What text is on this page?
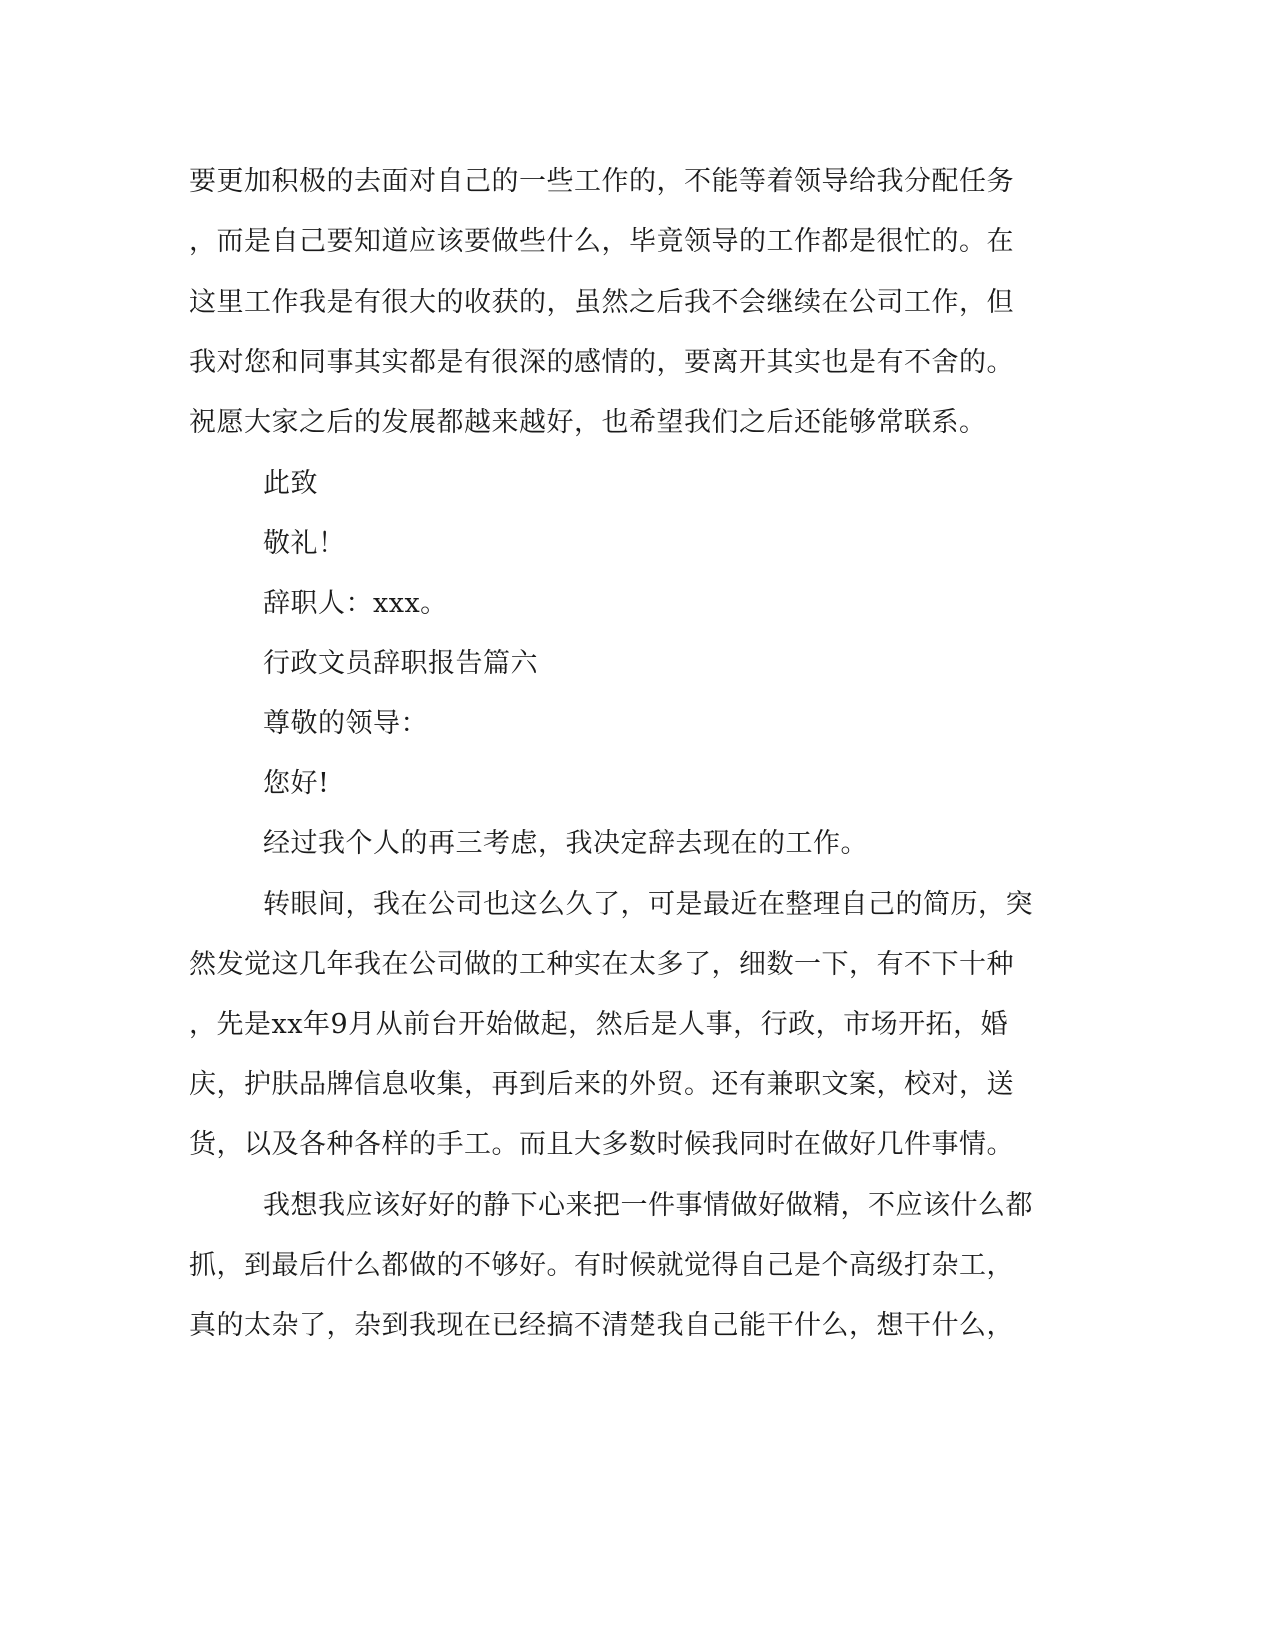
要更加积极的去面对自己的一些工作的，不能等着领导给我分配任务
，而是自己要知道应该要做些什么，毕竟领导的工作都是很忙的。在
这里工作我是有很大的收获的，虽然之后我不会继续在公司工作，但
我对您和同事其实都是有很深的感情的，要离开其实也是有不舍的。
祝愿大家之后的发展都越来越好，也希望我们之后还能够常联系。
此致
敬礼！
辞职人：xxx。
行政文员辞职报告篇六
尊敬的领导：
您好!
经过我个人的再三考虑，我决定辞去现在的工作。
转眼间，我在公司也这么久了，可是最近在整理自己的简历，突
然发觉这几年我在公司做的工种实在太多了，细数一下，有不下十种
，先是xx年9月从前台开始做起，然后是人事，行政，市场开拓，婚
庆，护肤品牌信息收集，再到后来的外贸。还有兼职文案，校对，送
货，以及各种各样的手工。而且大多数时候我同时在做好几件事情。
我想我应该好好的静下心来把一件事情做好做精，不应该什么都
抓，到最后什么都做的不够好。有时候就觉得自己是个高级打杂工，
真的太杂了，杂到我现在已经搞不清楚我自己能干什么，想干什么，
